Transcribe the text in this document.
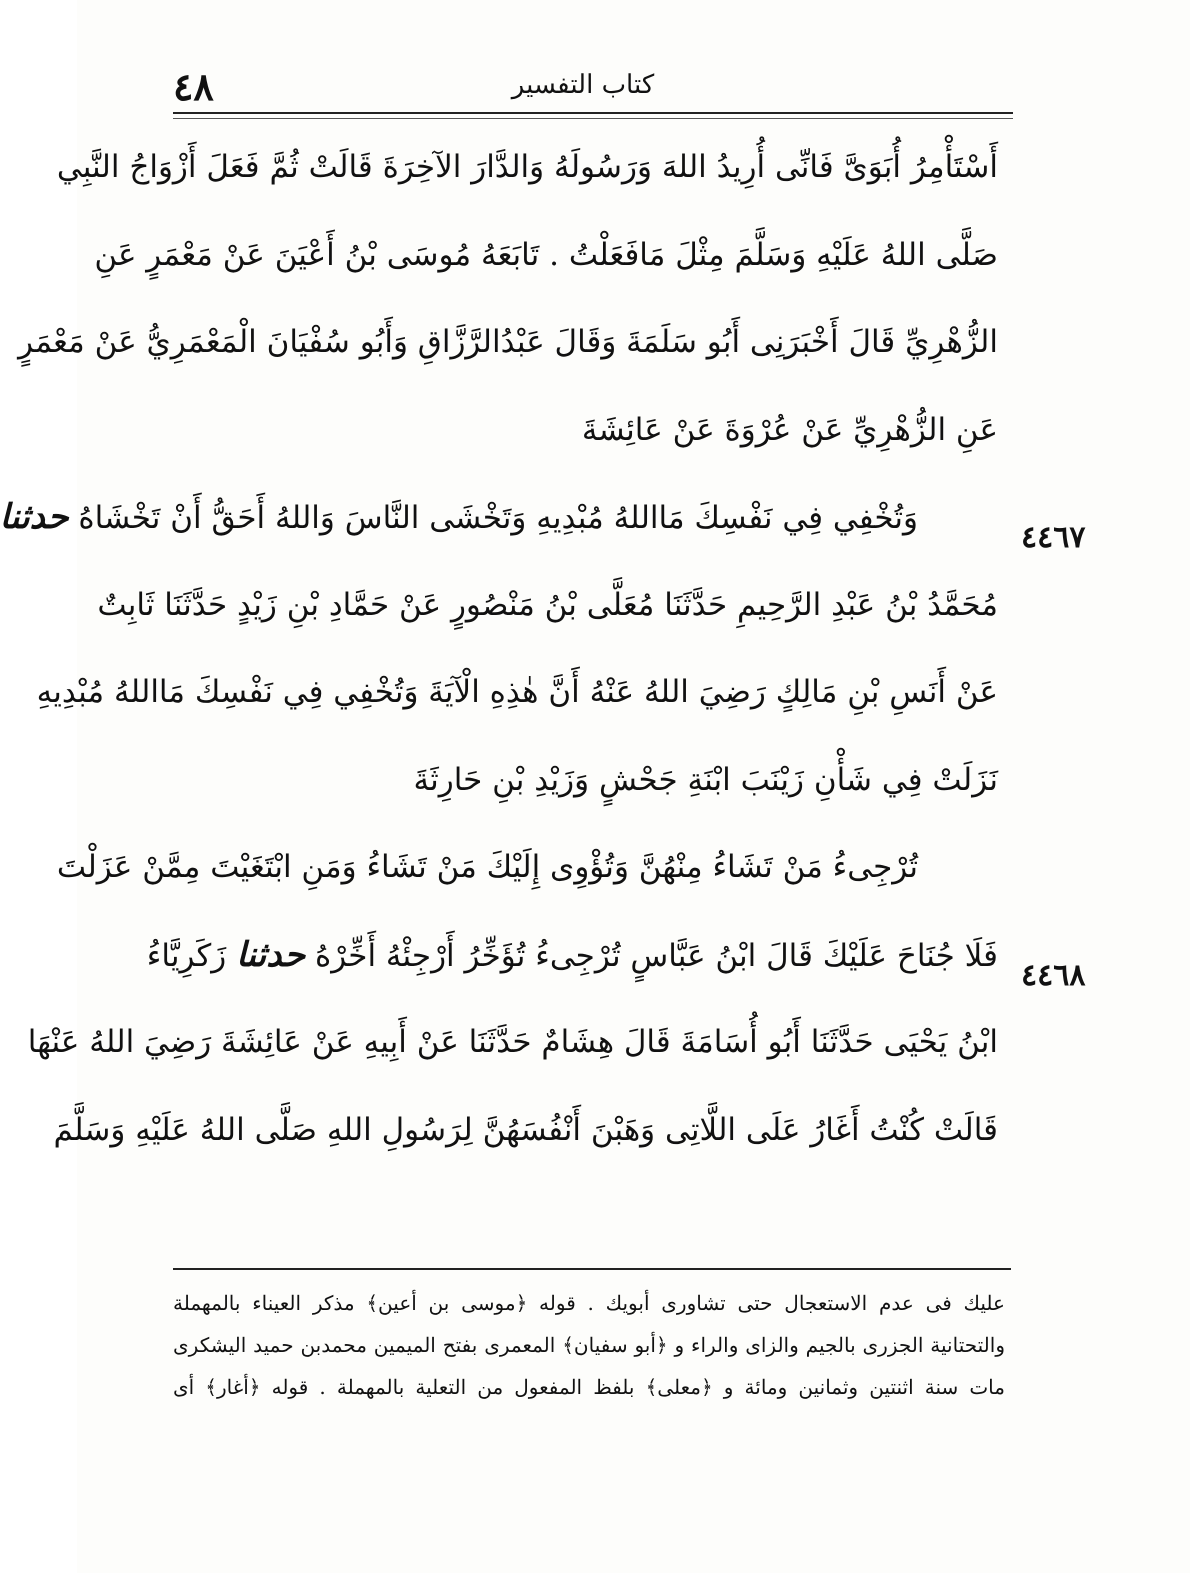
٤٨	كتاب التفسير
٤٤٦٧
٤٤٦٨
أَسْتَأْمِرُ أُبَوَىَّ فَانِّى أُرِيدُ اللهَ وَرَسُولَهُ وَالدَّارَ الآخِرَةَ قَالَتْ ثُمَّ فَعَلَ أَزْوَاجُ النَّبِي
صَلَّى اللهُ عَلَيْهِ وَسَلَّمَ مِثْلَ مَافَعَلْتُ . تَابَعَهُ مُوسَى بْنُ أَعْيَنَ عَنْ مَعْمَرٍ عَنِ
الزُّهْرِيِّ قَالَ أَخْبَرَنِى أَبُو سَلَمَةَ وَقَالَ عَبْدُالرَّزَّاقِ وَأَبُو سُفْيَانَ الْمَعْمَرِيُّ عَنْ مَعْمَرٍ
عَنِ الزُّهْرِيِّ عَنْ عُرْوَةَ عَنْ عَائِشَةَ
وَتُخْفِي فِي نَفْسِكَ مَااللهُ مُبْدِيهِ وَتَخْشَى النَّاسَ وَاللهُ أَحَقُّ أَنْ تَخْشَاهُ حدثنا
مُحَمَّدُ بْنُ عَبْدِ الرَّحِيمِ حَدَّثَنَا مُعَلَّى بْنُ مَنْصُورٍ عَنْ حَمَّادِ بْنِ زَيْدٍ حَدَّثَنَا ثَابِتٌ
عَنْ أَنَسِ بْنِ مَالِكٍ رَضِيَ اللهُ عَنْهُ أَنَّ هٰذِهِ الْآيَةَ وَتُخْفِي فِي نَفْسِكَ مَااللهُ مُبْدِيهِ
نَزَلَتْ فِي شَأْنِ زَيْنَبَ ابْنَةِ جَحْشٍ وَزَيْدِ بْنِ حَارِثَةَ
تُرْجِىءُ مَنْ تَشَاءُ مِنْهُنَّ وَتُؤْوِى إِلَيْكَ مَنْ تَشَاءُ وَمَنِ ابْتَغَيْتَ مِمَّنْ عَزَلْتَ
فَلَا جُنَاحَ عَلَيْكَ قَالَ ابْنُ عَبَّاسٍ تُرْجِىءُ تُؤَخِّرُ أَرْجِئْهُ أَخِّرْهُ حدثنا زَكَرِيَّاءُ
ابْنُ يَحْيَى حَدَّثَنَا أَبُو أُسَامَةَ قَالَ هِشَامٌ حَدَّثَنَا عَنْ أَبِيهِ عَنْ عَائِشَةَ رَضِيَ اللهُ عَنْهَا
قَالَتْ كُنْتُ أَغَارُ عَلَى اللَّاتِى وَهَبْنَ أَنْفُسَهُنَّ لِرَسُولِ اللهِ صَلَّى اللهُ عَلَيْهِ وَسَلَّمَ
عليك فى عدم الاستعجال حتى تشاورى أبويك . قوله ﴿موسى بن أعين﴾ مذكر العيناء بالمهملة
والتحتانية الجزرى بالجيم والزاى والراء و ﴿أبو سفيان﴾ المعمرى بفتح الميمين محمدبن حميد اليشكرى
مات سنة اثنتين وثمانين ومائة و ﴿معلى﴾ بلفظ المفعول من التعلية بالمهملة . قوله ﴿أغار﴾ أى
